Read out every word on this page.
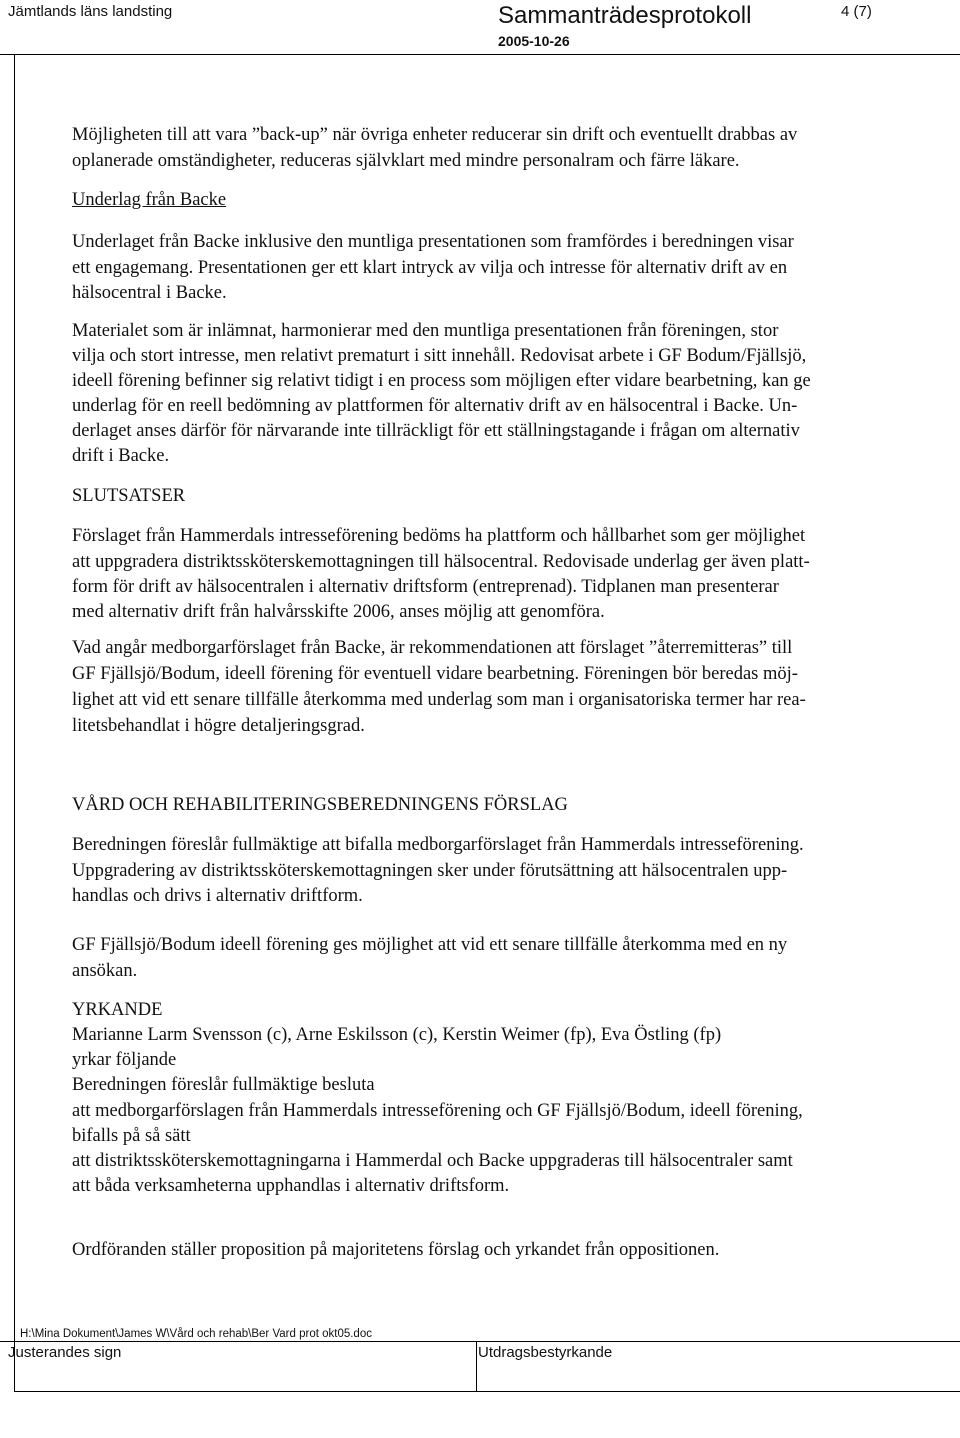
Jämtlands läns landsting	Sammanträdesprotokoll
2005-10-26
4 (7)
Möjligheten till att vara ”back-up” när övriga enheter reducerar sin drift och eventuellt drabbas av
oplanerade omständigheter, reduceras självklart med mindre personalram och färre läkare.
Underlag från Backe
Underlaget från Backe inklusive den muntliga presentationen som framfördes i beredningen visar
ett engagemang. Presentationen ger ett klart intryck av vilja och intresse för alternativ drift av en
hälsocentral i Backe.
Materialet som är inlämnat, harmonierar med den muntliga presentationen från föreningen, stor
vilja och stort intresse, men relativt prematurt i sitt innehåll. Redovisat arbete i GF Bodum/Fjällsjö,
ideell förening befinner sig relativt tidigt i en process som möjligen efter vidare bearbetning, kan ge
underlag för en reell bedömning av plattformen för alternativ drift av en hälsocentral i Backe. Un-
derlaget anses därför för närvarande inte tillräckligt för ett ställningstagande i frågan om alternativ
drift i Backe.
SLUTSATSER
Förslaget från Hammerdals intresseförening bedöms ha plattform och hållbarhet som ger möjlighet
att uppgradera distriktssköterskemottagningen till hälsocentral. Redovisade underlag ger även platt-
form för drift av hälsocentralen i alternativ driftsform (entreprenad). Tidplanen man presenterar
med alternativ drift från halvårsskifte 2006, anses möjlig att genomföra.
Vad angår medborgarförslaget från Backe, är rekommendationen att förslaget ”återremitteras” till
GF Fjällsjö/Bodum, ideell förening för eventuell vidare bearbetning. Föreningen bör beredas möj-
lighet att vid ett senare tillfälle återkomma med underlag som man i organisatoriska termer har rea-
litetsbehandlat i högre detaljeringsgrad.
VÅRD OCH REHABILITERINGSBEREDNINGENS FÖRSLAG
Beredningen föreslår fullmäktige att bifalla medborgarförslaget från Hammerdals intresseförening.
Uppgradering av distriktssköterskemottagningen sker under förutsättning att hälsocentralen upp-
handlas och drivs i alternativ driftform.
GF Fjällsjö/Bodum ideell förening ges möjlighet att vid ett senare tillfälle återkomma med en ny
ansökan.
YRKANDE
Marianne Larm Svensson (c), Arne Eskilsson (c), Kerstin Weimer (fp), Eva Östling (fp)
yrkar följande
Beredningen föreslår fullmäktige besluta
att medborgarförslagen från Hammerdals intresseförening och GF Fjällsjö/Bodum, ideell förening,
bifalls på så sätt
att distriktssköterskemottagningarna i Hammerdal och Backe uppgraderas till hälsocentraler samt
att båda verksamheterna upphandlas i alternativ driftsform.
Ordföranden ställer proposition på majoritetens förslag och yrkandet från oppositionen.
H:\Mina Dokument\James W\Vård och rehab\Ber Vard prot okt05.doc
Justerandes sign	Utdragsbestyrkande
